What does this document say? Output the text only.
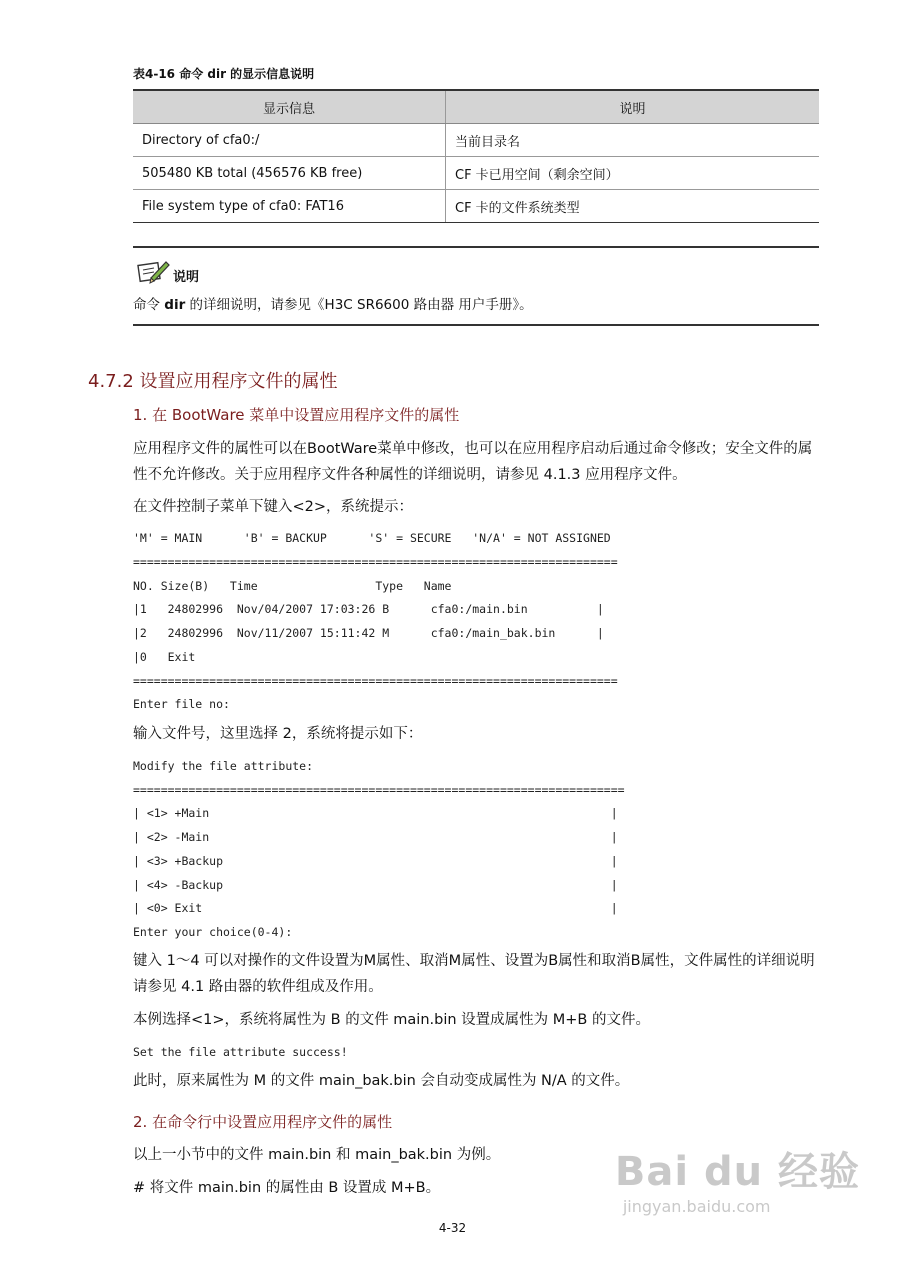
表4-16 命令 dir 的显示信息说明
显示信息	说明
Directory of cfa0:/	当前目录名
505480 KB total (456576 KB free)	CF 卡已用空间（剩余空间）
File system type of cfa0: FAT16	CF 卡的文件系统类型
说明
命令 dir 的详细说明，请参见《H3C SR6600 路由器 用户手册》。
4.7.2 设置应用程序文件的属性
1. 在 BootWare 菜单中设置应用程序文件的属性
应用程序文件的属性可以在BootWare菜单中修改，也可以在应用程序启动后通过命令修改；安全文件的属性不允许修改。关于应用程序文件各种属性的详细说明，请参见 4.1.3 应用程序文件。
在文件控制子菜单下键入<2>，系统提示：
'M' = MAIN      'B' = BACKUP      'S' = SECURE   'N/A' = NOT ASSIGNED
======================================================================
NO. Size(B)   Time                 Type   Name
|1   24802996  Nov/04/2007 17:03:26 B      cfa0:/main.bin          |
|2   24802996  Nov/11/2007 15:11:42 M      cfa0:/main_bak.bin      |
|0   Exit
======================================================================
Enter file no:
输入文件号，这里选择 2，系统将提示如下：
Modify the file attribute:
=======================================================================
| <1> +Main                                                          |
| <2> -Main                                                          |
| <3> +Backup                                                        |
| <4> -Backup                                                        |
| <0> Exit                                                           |
Enter your choice(0-4):
键入 1～4 可以对操作的文件设置为M属性、取消M属性、设置为B属性和取消B属性，文件属性的详细说明请参见 4.1 路由器的软件组成及作用。
本例选择<1>，系统将属性为 B 的文件 main.bin 设置成属性为 M+B 的文件。
Set the file attribute success!
此时，原来属性为 M 的文件 main_bak.bin 会自动变成属性为 N/A 的文件。
2. 在命令行中设置应用程序文件的属性
以上一小节中的文件 main.bin 和 main_bak.bin 为例。
# 将文件 main.bin 的属性由 B 设置成 M+B。
4-32
Bai du 经验
jingyan.baidu.com
